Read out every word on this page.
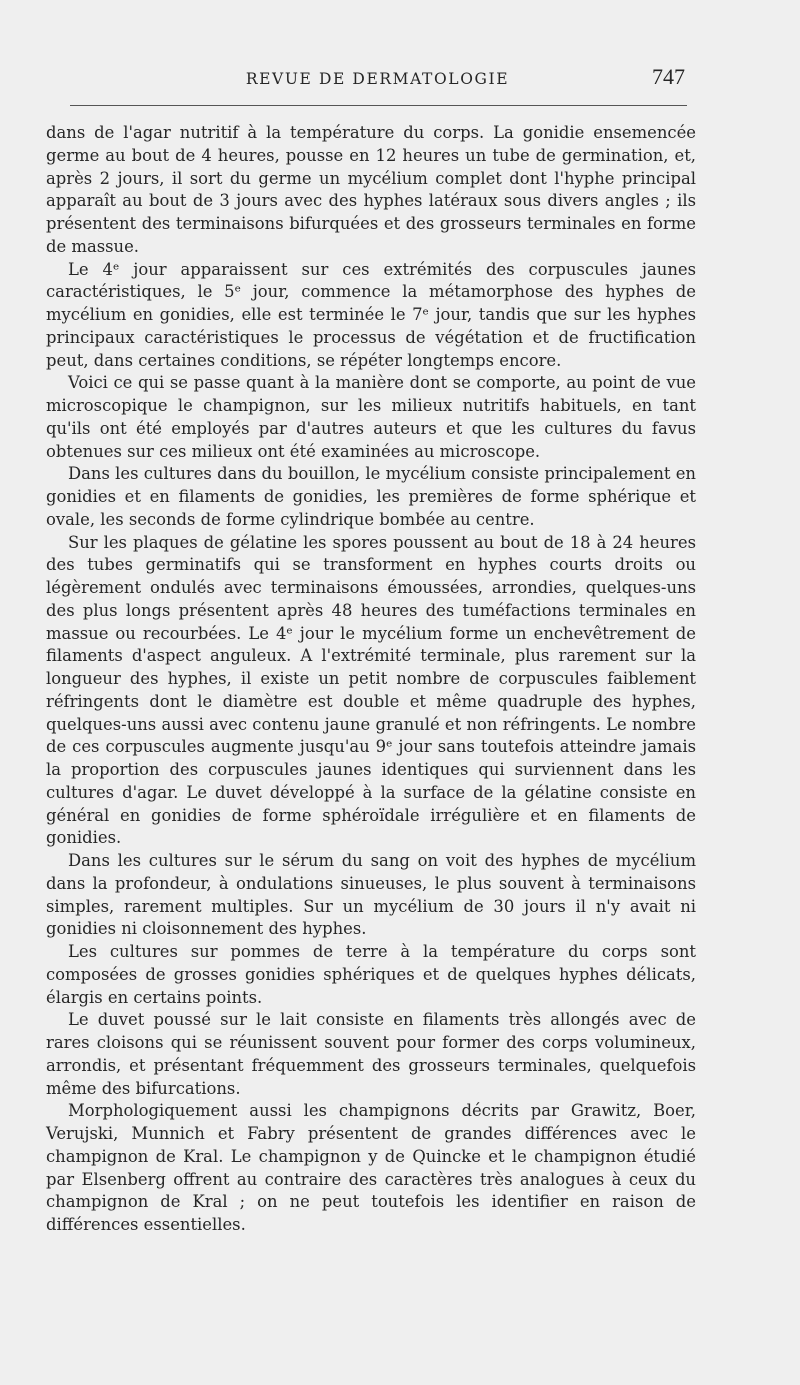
REVUE DE DERMATOLOGIE	747

dans de l'agar nutritif à la température du corps. La gonidie ensemencée germe au bout de 4 heures, pousse en 12 heures un tube de germination, et, après 2 jours, il sort du germe un mycélium complet dont l'hyphe principal apparaît au bout de 3 jours avec des hyphes latéraux sous divers angles ; ils présentent des terminaisons bifurquées et des grosseurs terminales en forme de massue.

Le 4ᵉ jour apparaissent sur ces extrémités des corpuscules jaunes caractéristiques, le 5ᵉ jour, commence la métamorphose des hyphes de mycélium en gonidies, elle est terminée le 7ᵉ jour, tandis que sur les hyphes principaux caractéristiques le processus de végétation et de fructification peut, dans certaines conditions, se répéter longtemps encore.

Voici ce qui se passe quant à la manière dont se comporte, au point de vue microscopique le champignon, sur les milieux nutritifs habituels, en tant qu'ils ont été employés par d'autres auteurs et que les cultures du favus obtenues sur ces milieux ont été examinées au microscope.

Dans les cultures dans du bouillon, le mycélium consiste principalement en gonidies et en filaments de gonidies, les premières de forme sphérique et ovale, les seconds de forme cylindrique bombée au centre.

Sur les plaques de gélatine les spores poussent au bout de 18 à 24 heures des tubes germinatifs qui se transforment en hyphes courts droits ou légèrement ondulés avec terminaisons émoussées, arrondies, quelques-uns des plus longs présentent après 48 heures des tuméfactions terminales en massue ou recourbées. Le 4ᵉ jour le mycélium forme un enchevêtrement de filaments d'aspect anguleux. A l'extrémité terminale, plus rarement sur la longueur des hyphes, il existe un petit nombre de corpuscules faiblement réfringents dont le diamètre est double et même quadruple des hyphes, quelques-uns aussi avec contenu jaune granulé et non réfringents. Le nombre de ces corpuscules augmente jusqu'au 9ᵉ jour sans toutefois atteindre jamais la proportion des corpuscules jaunes identiques qui surviennent dans les cultures d'agar. Le duvet développé à la surface de la gélatine consiste en général en gonidies de forme sphéroïdale irrégulière et en filaments de gonidies.

Dans les cultures sur le sérum du sang on voit des hyphes de mycélium dans la profondeur, à ondulations sinueuses, le plus souvent à terminaisons simples, rarement multiples. Sur un mycélium de 30 jours il n'y avait ni gonidies ni cloisonnement des hyphes.

Les cultures sur pommes de terre à la température du corps sont composées de grosses gonidies sphériques et de quelques hyphes délicats, élargis en certains points.

Le duvet poussé sur le lait consiste en filaments très allongés avec de rares cloisons qui se réunissent souvent pour former des corps volumineux, arrondis, et présentant fréquemment des grosseurs terminales, quelquefois même des bifurcations.

Morphologiquement aussi les champignons décrits par Grawitz, Boer, Verujski, Munnich et Fabry présentent de grandes différences avec le champignon de Kral. Le champignon y de Quincke et le champignon étudié par Elsenberg offrent au contraire des caractères très analogues à ceux du champignon de Kral ; on ne peut toutefois les identifier en raison de différences essentielles.
